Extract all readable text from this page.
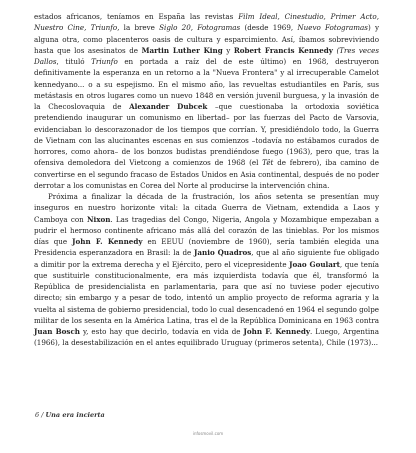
estados africanos, teníamos en España las revistas Film Ideal, Cinestudio, Primer Acto, Nuestro Cine, Triunfo, la breve Siglo 20, Fotogramas (desde 1969, Nuevo Fotogramas) y alguna otra, como placenteros oasis de cultura y esparcimiento. Así, íbamos sobreviviendo hasta que los asesinatos de Martin Luther King y Robert Francis Kennedy (Tres veces Dallos, tituló Triunfo en portada a raíz del de este último) en 1968, destruyeron definitivamente la esperanza en un retorno a la "Nueva Frontera" y al irrecuperable Camelot kennedyano... o a su espejismo. En el mismo año, las revueltas estudiantiles en París, sus metástasis en otros lugares como un nuevo 1848 en versión juvenil burguesa, y la invasión de la Checoslovaquia de Alexander Dubcek –que cuestionaba la ortodoxia soviética pretendiendo inaugurar un comunismo en libertad– por las fuerzas del Pacto de Varsovia, evidenciaban lo descorazonador de los tiempos que corrían. Y, presidiéndolo todo, la Guerra de Vietnam con las alucinantes escenas en sus comienzos –todavía no estábamos curados de horrores, como ahora– de los bonzos budistas prendiéndose fuego (1963), pero que, tras la ofensiva demoledora del Vietcong a comienzos de 1968 (el Têt de febrero), iba camino de convertirse en el segundo fracaso de Estados Unidos en Asia continental, después de no poder derrotar a los comunistas en Corea del Norte al producirse la intervención china.

Próxima a finalizar la década de la frustración, los años setenta se presentían muy inseguros en nuestro horizonte vital: la citada Guerra de Vietnam, extendida a Laos y Camboya con Nixon. Las tragedias del Congo, Nigeria, Angola y Mozambique empezaban a pudrir el hermoso continente africano más allá del corazón de las tinieblas. Por los mismos días que John F. Kennedy en EEUU (noviembre de 1960), sería también elegida una Presidencia esperanzadora en Brasil: la de Janio Quadros, que al año siguiente fue obligado a dimitir por la extrema derecha y el Ejército, pero el vicepresidente Joao Goulart, que tenía que sustituirle constitucionalmente, era más izquierdista todavía que él, transformó la República de presidencialista en parlamentaria, para que así no tuviese poder ejecutivo directo; sin embargo y a pesar de todo, intentó un amplio proyecto de reforma agraria y la vuelta al sistema de gobierno presidencial, todo lo cual desencadenó en 1964 el segundo golpe militar de los sesenta en la América Latina, tras el de la República Dominicana en 1963 contra Juan Bosch y, esto hay que decirlo, todavía en vida de John F. Kennedy. Luego, Argentina (1966), la desestabilización en el antes equilibrado Uruguay (primeros setenta), Chile (1973)...

6 / Una era incierta
infosmovil.com
